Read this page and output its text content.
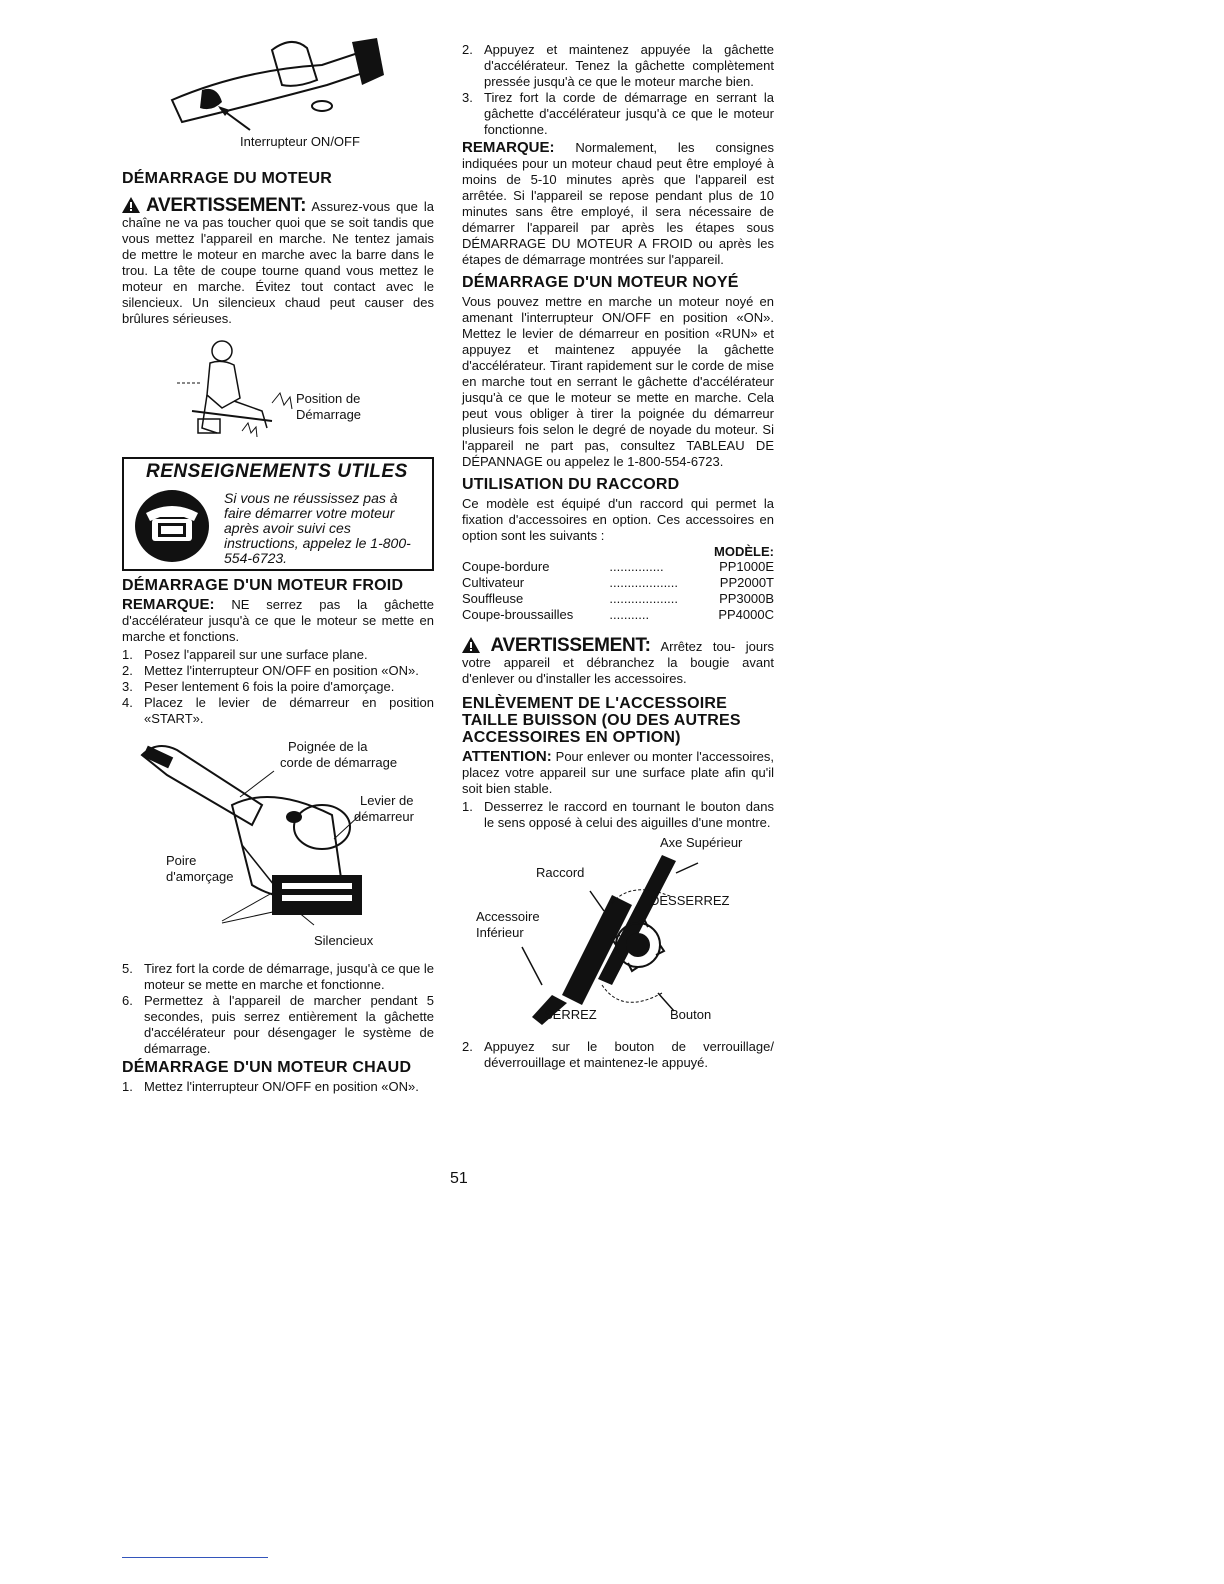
Interrupteur ON/OFF
DÉMARRAGE DU MOTEUR

AVERTISSEMENT: Assurez-vous que la chaîne ne va pas toucher quoi que se soit tandis que vous mettez l'appareil en marche. Ne tentez jamais de mettre le moteur en marche avec la barre dans le trou. La tête de coupe tourne quand vous mettez le moteur en marche. Évitez tout contact avec le silencieux. Un silencieux chaud peut causer des brûlures sérieuses.

Position de
Démarrage
RENSEIGNEMENTS UTILES
Si vous ne réussissez pas à faire démarrer votre moteur après avoir suivi ces instructions, appelez le 1-800-554-6723.
DÉMARRAGE D'UN MOTEUR FROID

REMARQUE: NE serrez pas la gâchette d'accélérateur jusqu'à ce que le moteur se mette en marche et fonctions.

1. Posez l'appareil sur une surface plane.
2. Mettez l'interrupteur ON/OFF en position «ON».
3. Peser lentement 6 fois la poire d'amorçage.
4. Placez le levier de démarreur en position «START».
Poignée de la
corde de démarrage
Levier de
démarreur
Poire
d'amorçage
Silencieux
5. Tirez fort la corde de démarrage, jusqu'à ce que le moteur se mette en marche et fonctionne.
6. Permettez à l'appareil de marcher pendant 5 secondes, puis serrez entièrement la gâchette d'accélérateur pour désengager le système de démarrage.
DÉMARRAGE D'UN MOTEUR CHAUD
1. Mettez l'interrupteur ON/OFF en position «ON».
2. Appuyez et maintenez appuyée la gâchette d'accélérateur. Tenez la gâchette complètement pressée jusqu'à ce que le moteur marche bien.
3. Tirez fort la corde de démarrage en serrant la gâchette d'accélérateur jusqu'à ce que le moteur fonctionne.

REMARQUE: Normalement, les consignes indiquées pour un moteur chaud peut être employé à moins de 5-10 minutes après que l'appareil est arrêtée. Si l'appareil se repose pendant plus de 10 minutes sans être employé, il sera nécessaire de démarrer l'appareil par après les étapes sous DÉMARRAGE DU MOTEUR A FROID ou après les étapes de démarrage montrées sur l'appareil.

DÉMARRAGE D'UN MOTEUR NOYÉ

Vous pouvez mettre en marche un moteur noyé en amenant l'interrupteur ON/OFF en position «ON». Mettez le levier de démarreur en position «RUN» et appuyez et maintenez appuyée la gâchette d'accélérateur. Tirant rapidement sur le corde de mise en marche tout en serrant le gâchette d'accélérateur jusqu'à ce que le moteur se mette en marche. Cela peut vous obliger à tirer la poignée du démarreur plusieurs fois selon le degré de noyade du moteur. Si l'appareil ne part pas, consultez TABLEAU DE DÉPANNAGE ou appelez le 1-800-554-6723.

UTILISATION DU RACCORD

Ce modèle est équipé d'un raccord qui permet la fixation d'accessoires en option. Ces accessoires en option sont les suivants :

MODÈLE:
Coupe-bordure	...............	PP1000E
Cultivateur	...................	PP2000T
Souffleuse	...................	PP3000B
Coupe-broussailles	...........	PP4000C

AVERTISSEMENT: Arrêtez tou- jours votre appareil et débranchez la bougie avant d'enlever ou d'installer les accessoires.

ENLÈVEMENT DE L'ACCESSOIRE
TAILLE BUISSON (OU DES AUTRES
ACCESSOIRES EN OPTION)

ATTENTION: Pour enlever ou monter l'accessoires, placez votre appareil sur une surface plate afin qu'il soit bien stable.

1. Desserrez le raccord en tournant le bouton dans le sens opposé à celui des aiguilles d'une montre.
Axe Supérieur
Raccord
DESSERREZ
Accessoire
Inférieur
SERREZ	Bouton
2. Appuyez sur le bouton de verrouillage/ déverrouillage et maintenez-le appuyé.
51
